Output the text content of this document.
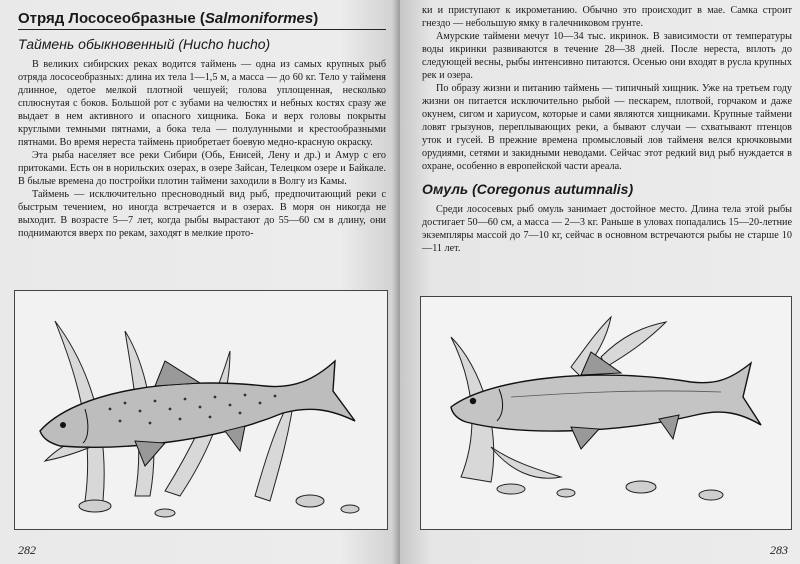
Отряд Лососеобразные (Salmoniformes)
Таймень обыкновенный (Hucho hucho)

В великих сибирских реках водится таймень — одна из самых крупных рыб отряда лососеобразных: длина их тела 1—1,5 м, а масса — до 60 кг. Тело у тайменя длинное, одетое мелкой плотной чешуей; голова уплощенная, несколько сплюснутая с боков. Большой рот с зубами на челюстях и небных костях сразу же выдает в нем активного и опасного хищника. Бока и верх головы покрыты круглыми темными пятнами, а бока тела — полулунными и крестообразными пятнами. Во время нереста таймень приобретает боевую медно-красную окраску.

Эта рыба населяет все реки Сибири (Обь, Енисей, Лену и др.) и Амур с его притоками. Есть он в норильских озерах, в озере Зайсан, Телецком озере и Байкале. В былые времена до постройки плотин таймени заходили в Волгу из Камы.

Таймень — исключительно пресноводный вид рыб, предпочитающий реки с быстрым течением, но иногда встречается и в озерах. В моря он никогда не выходит. В возрасте 5—7 лет, когда рыбы вырастают до 55—60 см в длину, они поднимаются вверх по рекам, заходят в мелкие прото-

282

ки и приступают к икрометанию. Обычно это происходит в мае. Самка строит гнездо — небольшую ямку в галечниковом грунте.

Амурские таймени мечут 10—34 тыс. икринок. В зависимости от температуры воды икринки развиваются в течение 28—38 дней. После нереста, вплоть до следующей весны, рыбы интенсивно питаются. Осенью они входят в русла крупных рек и озера.

По образу жизни и питанию таймень — типичный хищник. Уже на третьем году жизни он питается исключительно рыбой — пескарем, плотвой, горчаком и даже окунем, сигом и хариусом, которые и сами являются хищниками. Крупные таймени ловят грызунов, переплывающих реки, а бывают случаи — схватывают птенцов уток и гусей. В прежние времена промысловый лов тайменя велся крючковыми орудиями, сетями и закидными неводами. Сейчас этот редкий вид рыб нуждается в охране, особенно в европейской части ареала.

Омуль (Coregonus autumnalis)

Среди лососевых рыб омуль занимает достойное место. Длина тела этой рыбы достигает 50—60 см, а масса — 2—3 кг. Раньше в уловах попадались 15—20-летние экземпляры массой до 7—10 кг, сейчас в основном встречаются рыбы не старше 10—11 лет.

283
